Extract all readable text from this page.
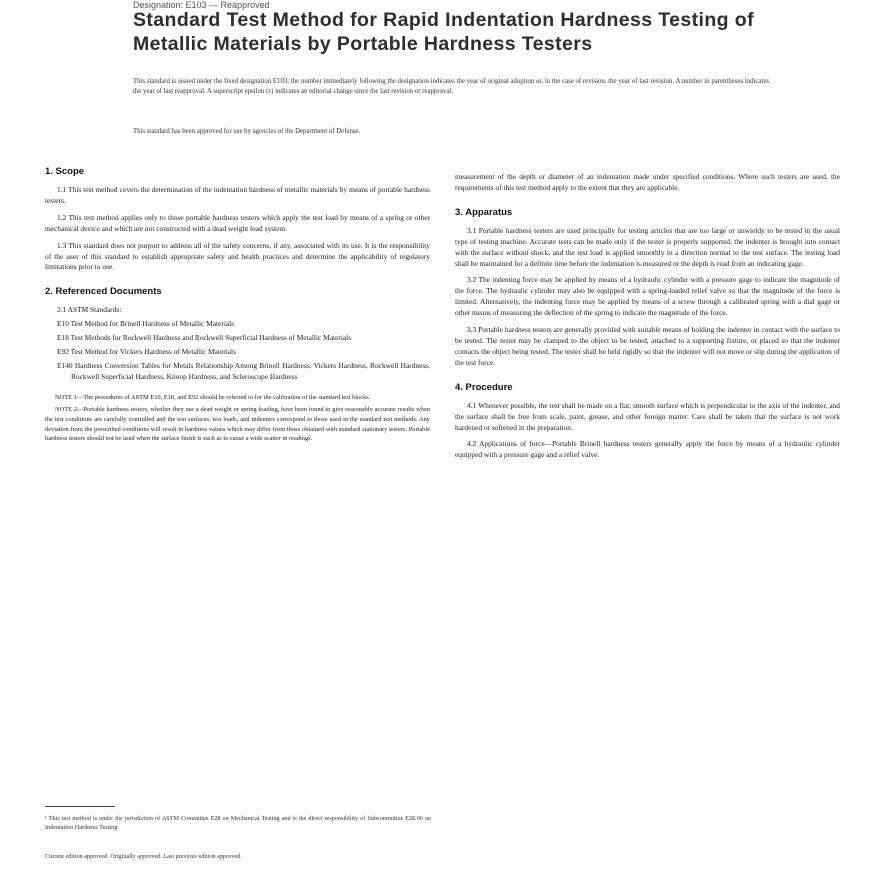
Designation: E103 — Reapproved
Standard Test Method for Rapid Indentation Hardness Testing of Metallic Materials by Portable Hardness Testers
This standard is issued under the fixed designation E103; the number immediately following the designation indicates the year of original adoption or, in the case of revision, the year of last revision. A number in parentheses indicates the year of last reapproval. A superscript epsilon (ε) indicates an editorial change since the last revision or reapproval.
This standard has been approved for use by agencies of the Department of Defense.
1. Scope

1.1 This test method covers the determination of the indentation hardness of metallic materials by means of portable hardness testers.

1.2 This test method applies only to those portable hardness testers which apply the test load by means of a spring or other mechanical device and which are not constructed with a dead weight load system.

1.3 This standard does not purport to address all of the safety concerns, if any, associated with its use. It is the responsibility of the user of this standard to establish appropriate safety and health practices and determine the applicability of regulatory limitations prior to use.

2. Referenced Documents

2.1 ASTM Standards:

E10 Test Method for Brinell Hardness of Metallic Materials

E18 Test Methods for Rockwell Hardness and Rockwell Superficial Hardness of Metallic Materials

E92 Test Method for Vickers Hardness of Metallic Materials

E140 Hardness Conversion Tables for Metals Relationship Among Brinell Hardness, Vickers Hardness, Rockwell Hardness, Rockwell Superficial Hardness, Knoop Hardness, and Scleroscope Hardness

NOTE 1—The procedures of ASTM E10, E18, and E92 should be referred to for the calibration of the standard test blocks.

NOTE 2—Portable hardness testers, whether they use a dead weight or spring loading, have been found to give reasonably accurate results when the test conditions are carefully controlled and the test surfaces, test loads, and indenters correspond to those used in the standard test methods. Any deviation from the prescribed conditions will result in hardness values which may differ from those obtained with standard stationary testers. Portable hardness testers should not be used when the surface finish is such as to cause a wide scatter in readings.

measurement of the depth or diameter of an indentation made under specified conditions. Where such testers are used, the requirements of this test method apply to the extent that they are applicable.

3. Apparatus

3.1 Portable hardness testers are used principally for testing articles that are too large or unwieldy to be tested in the usual type of testing machine. Accurate tests can be made only if the tester is properly supported, the indenter is brought into contact with the surface without shock, and the test load is applied smoothly in a direction normal to the test surface. The testing load shall be maintained for a definite time before the indentation is measured or the depth is read from an indicating gage.

3.2 The indenting force may be applied by means of a hydraulic cylinder with a pressure gage to indicate the magnitude of the force. The hydraulic cylinder may also be equipped with a spring-loaded relief valve so that the magnitude of the force is limited. Alternatively, the indenting force may be applied by means of a screw through a calibrated spring with a dial gage or other means of measuring the deflection of the spring to indicate the magnitude of the force.

3.3 Portable hardness testers are generally provided with suitable means of holding the indenter in contact with the surface to be tested. The tester may be clamped to the object to be tested, attached to a supporting fixture, or placed so that the indenter contacts the object being tested. The tester shall be held rigidly so that the indenter will not move or slip during the application of the test force.

4. Procedure

4.1 Whenever possible, the test shall be made on a flat, smooth surface which is perpendicular to the axis of the indenter, and the surface shall be free from scale, paint, grease, and other foreign matter. Care shall be taken that the surface is not work hardened or softened in the preparation.

4.2 Applications of force—Portable Brinell hardness testers generally apply the force by means of a hydraulic cylinder equipped with a pressure gage and a relief valve.

¹ This test method is under the jurisdiction of ASTM Committee E28 on Mechanical Testing and is the direct responsibility of Subcommittee E28.06 on Indentation Hardness Testing.
Current edition approved. Originally approved. Last previous edition approved.
